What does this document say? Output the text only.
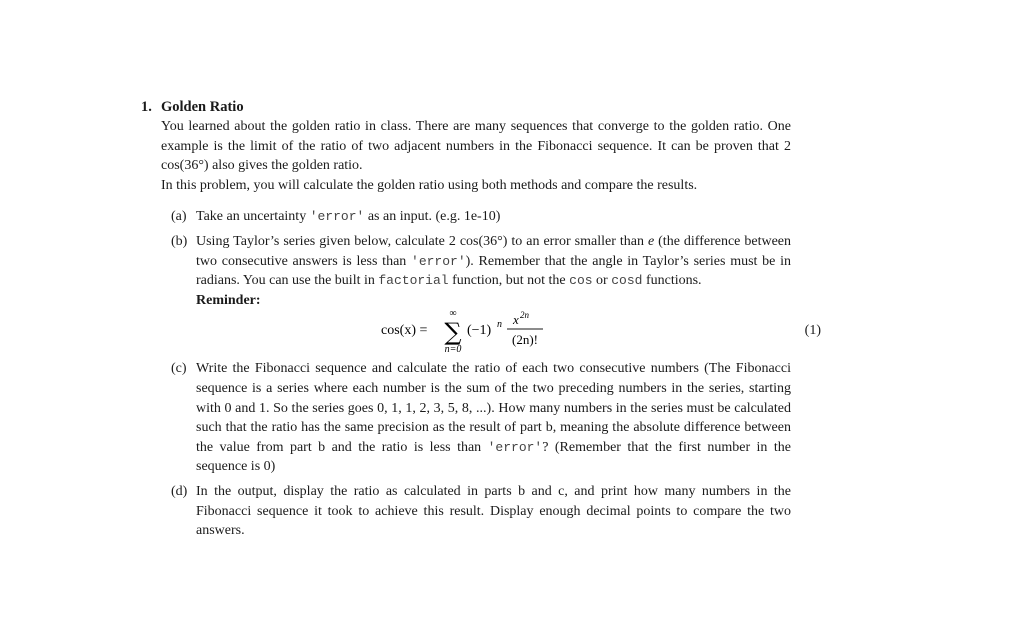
1. Golden Ratio
You learned about the golden ratio in class. There are many sequences that converge to the golden ratio. One example is the limit of the ratio of two adjacent numbers in the Fibonacci sequence. It can be proven that 2 cos(36°) also gives the golden ratio.
In this problem, you will calculate the golden ratio using both methods and compare the results.
(a) Take an uncertainty 'error' as an input. (e.g. 1e-10)
(b) Using Taylor’s series given below, calculate 2 cos(36°) to an error smaller than e (the difference between two consecutive answers is less than 'error'). Remember that the angle in Taylor’s series must be in radians. You can use the built in factorial function, but not the cos or cosd functions.
Reminder:
cos(x) =
∞
∑
n=0
(−1) n x 2n
(2n)!
(1)
(c) Write the Fibonacci sequence and calculate the ratio of each two consecutive numbers (The Fibonacci sequence is a series where each number is the sum of the two preceding numbers in the series, starting with 0 and 1. So the series goes 0, 1, 1, 2, 3, 5, 8, ...). How many numbers in the series must be calculated such that the ratio has the same precision as the result of part b, meaning the absolute difference between the value from part b and the ratio is less than 'error'? (Remember that the first number in the sequence is 0)
(d) In the output, display the ratio as calculated in parts b and c, and print how many numbers in the Fibonacci sequence it took to achieve this result. Display enough decimal points to compare the two answers.
